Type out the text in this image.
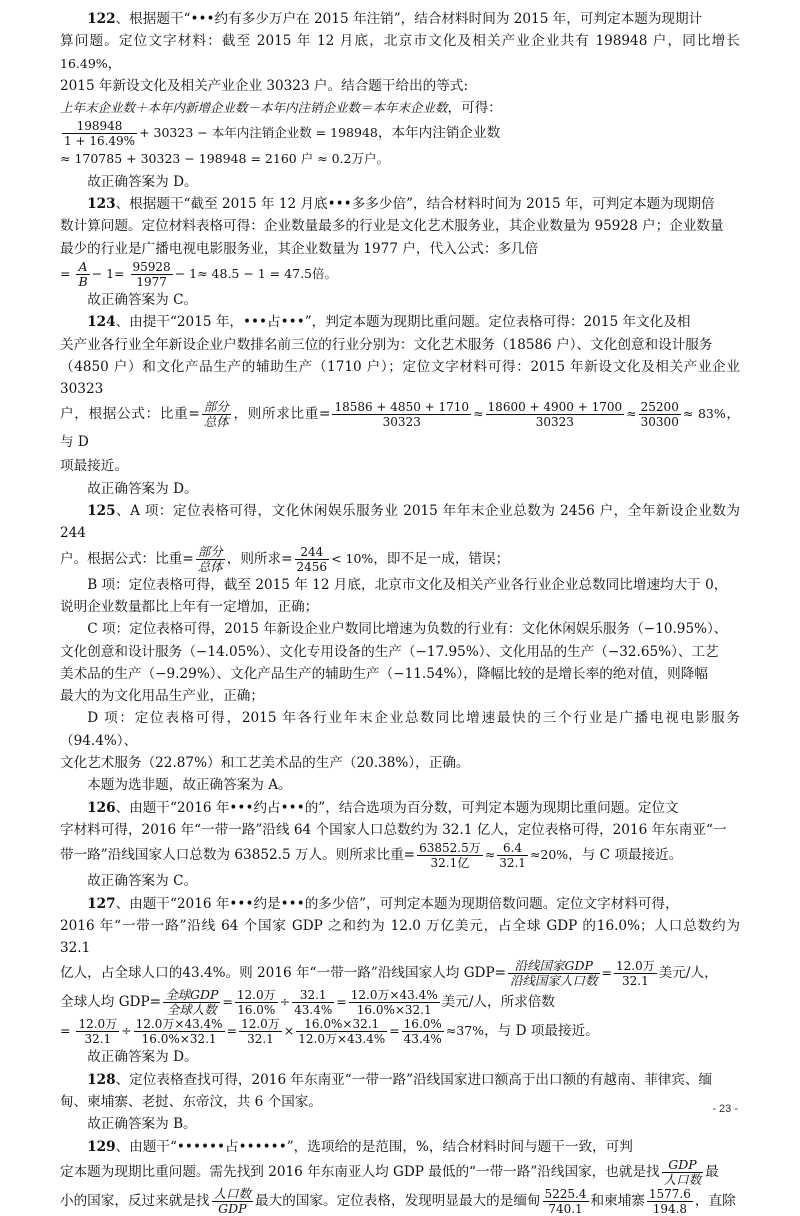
122、根据题干“•••约有多少万户在 2015 年注销”，结合材料时间为 2015 年，可判定本题为现期计

算问题。定位文字材料：截至 2015 年 12 月底，北京市文化及相关产业企业共有 198948 户，同比增长16.49%，

2015 年新设文化及相关产业企业 30323 户。结合题干给出的等式:

上年末企业数＋本年内新增企业数－本年内注销企业数＝本年末企业数，可得：

$\frac{198948}{1 + 16.49\%} + 30323$ − 本年内注销企业数 = 198948，本年内注销企业数

≈ 170785 + 30323 − 198948 = 2160 户 ≈ 0.2万户。

故正确答案为 D。

123、根据题干“截至 2015 年 12 月底•••多多少倍”，结合材料时间为 2015 年，可判定本题为现期倍

数计算问题。定位材料表格可得：企业数量最多的行业是文化艺术服务业，其企业数量为 95928 户；企业数量

最少的行业是广播电视电影服务业，其企业数量为 1977 户，代入公式：多几倍

= $\frac{A}{B} - 1= \frac{95928}{1977} - 1\approx 48.5 - 1 = 47.5$倍。

故正确答案为 C。

124、由提干“2015 年，•••占•••”，判定本题为现期比重问题。定位表格可得：2015 年文化及相

关产业各行业全年新设企业户数排名前三位的行业分别为：文化艺术服务（18586 户）、文化创意和设计服务

（4850 户）和文化产品生产的辅助生产（1710 户）；定位文字材料可得：2015 年新设文化及相关产业企业 30323

户，根据公式：比重= $\frac{\text{部分}}{\text{总体}}$ ，则所求比重= $\frac{18586 + 4850 + 1710}{30323} \approx \frac{18600 + 4900 + 1700}{30323} \approx \frac{25200}{30300} \approx 83\%$，与 D

项最接近。

故正确答案为 D。

125、A 项：定位表格可得，文化休闲娱乐服务业 2015 年年末企业总数为 2456 户，全年新设企业数为 244

户。根据公式：比重= $\frac{\text{部分}}{\text{总体}}$ ，则所求= $\frac{244}{2456} < 10\%$，即不足一成，错误；

B 项：定位表格可得，截至 2015 年 12 月底，北京市文化及相关产业各行业企业总数同比增速均大于 0，

说明企业数量都比上年有一定增加，正确；

C 项：定位表格可得，2015 年新设企业户数同比增速为负数的行业有：文化休闲娱乐服务（−10.95%）、

文化创意和设计服务（−14.05%）、文化专用设备的生产（−17.95%）、文化用品的生产（−32.65%）、工艺

美术品的生产（−9.29%）、文化产品生产的辅助生产（−11.54%），降幅比较的是增长率的绝对值，则降幅

最大的为文化用品生产业，正确；

D 项：定位表格可得，2015 年各行业年末企业总数同比增速最快的三个行业是广播电视电影服务（94.4%）、

文化艺术服务（22.87%）和工艺美术品的生产（20.38%），正确。

本题为选非题，故正确答案为 A。

126、由题干“2016 年•••约占•••的”，结合选项为百分数，可判定本题为现期比重问题。定位文

字材料可得，2016 年“一带一路”沿线 64 个国家人口总数约为 32.1 亿人，定位表格可得，2016 年东南亚“一

带一路”沿线国家人口总数为 63852.5 万人。则所求比重= $\frac{\text{63852.5万}}{\text{32.1亿}} \approx \frac{6.4}{32.1} \approx 20\%$，与 C 项最接近。

故正确答案为 C。

127、由题干“2016 年•••约是•••的多少倍”，可判定本题为现期倍数问题。定位文字材料可得，

2016 年“一带一路”沿线 64 个国家 GDP 之和约为 12.0 万亿美元，占全球 GDP 的16.0%；人口总数约为 32.1

亿人，占全球人口的43.4%。则 2016 年“一带一路”沿线国家人均 $GDP= \frac{\text{沿线国家GDP}}{\text{沿线国家人口数}} = \frac{\text{12.0万}}{32.1}$ 美元/人，

全球人均 $GDP= \frac{\text{全球GDP}}{\text{全球人数}} = \frac{\text{12.0万}}{16.0\%} \div \frac{32.1}{43.4\%} = \frac{\text{12.0万×43.4\%}}{16.0\%\times 32.1}$ 美元/人，所求倍数

= $\frac{\text{12.0万}}{32.1} \div \frac{\text{12.0万×43.4\%}}{16.0\%\times 32.1} = \frac{\text{12.0万}}{32.1} \times \frac{16.0\%\times 32.1}{\text{12.0万×43.4\%}} = \frac{16.0\%}{43.4\%} \approx 37\%$，与 D 项最接近。

故正确答案为 D。

128、定位表格查找可得，2016 年东南亚“一带一路”沿线国家进口额高于出口额的有越南、菲律宾、缅

甸、柬埔寨、老挝、东帝汶，共 6 个国家。

故正确答案为 B。

129、由题干“••••••占••••••”，选项给的是范围，%，结合材料时间与题干一致，可判

定本题为现期比重问题。需先找到 2016 年东南亚人均 GDP 最低的“一带一路”沿线国家，也就是找 $\frac{\text{GDP}}{\text{人口数}}$ 最

小的国家，反过来就是找 $\frac{\text{人口数}}{\text{GDP}}$ 最大的国家。定位表格，发现明显最大的是缅甸 $\frac{5225.4}{740.1}$ 和柬埔寨 $\frac{1577.6}{194.8}$ ，直除

- 23 -
